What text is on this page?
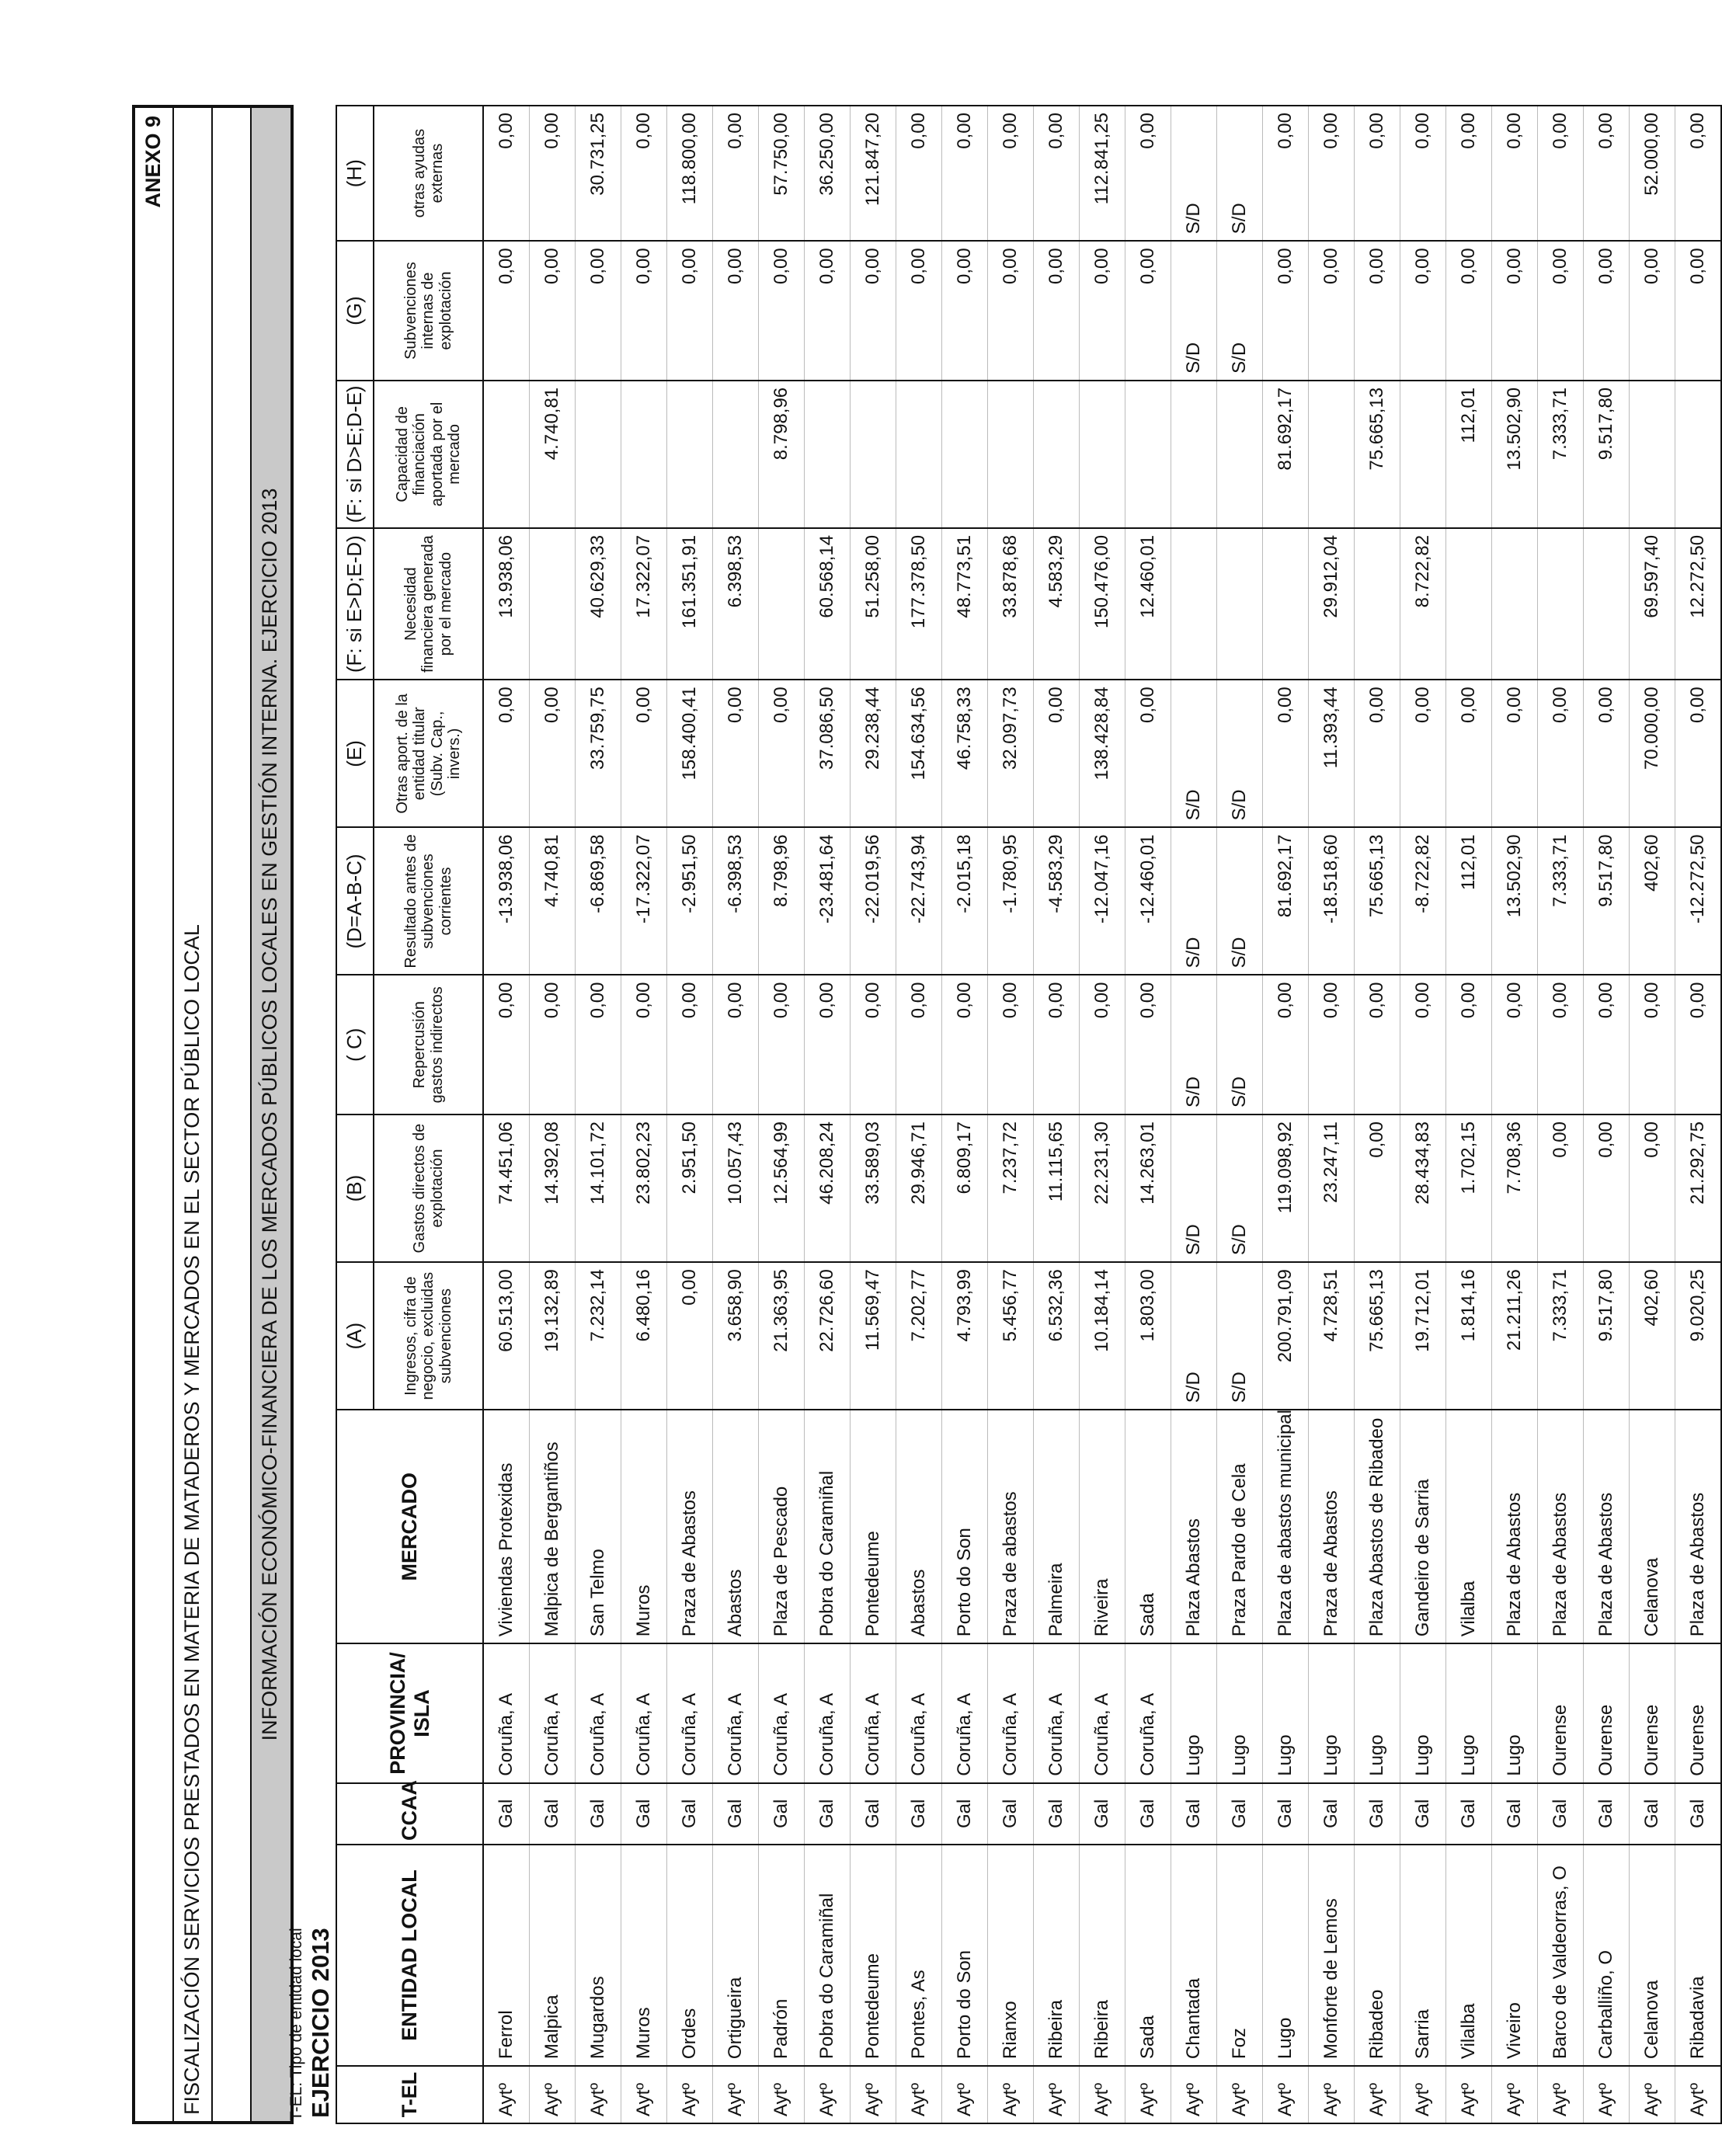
ANEXO 9
FISCALIZACIÓN SERVICIOS PRESTADOS EN MATERIA DE MATADEROS Y MERCADOS EN EL SECTOR PÚBLICO LOCAL	INFORMACIÓN ECONÓMICO-FINANCIERA DE LOS MERCADOS PÚBLICOS LOCALES EN GESTIÓN INTERNA. EJERCICIO 2013
T-EL: Tipo de entidad local EJERCICIO 2013	T-EL	ENTIDAD LOCAL	CCAA	PROVINCIA/ ISLA	MERCADO	(A)	(B)	( C)	(D=A-B-C)	(E)	(F: si E>D;E-D)	(F: si D>E;D-E)	(G)	(H)
					Ingresos, cifra de negocio, excluidas subvenciones	Gastos directos de explotación	Repercusión gastos indirectos	Resultado antes de subvenciones corrientes	Otras aport. de la entidad titular (Subv. Cap., invers.)	Necesidad financiera generada por el mercado	Capacidad de financiación aportada por el mercado	Subvenciones internas de explotación	otras ayudas externas
Aytº	Ferrol	Gal	Coruña, A	Viviendas Protexidas	60.513,00	74.451,06	0,00	-13.938,06	0,00	13.938,06		0,00	0,00
Aytº	Malpica	Gal	Coruña, A	Malpica de Bergantiños	19.132,89	14.392,08	0,00	4.740,81	0,00		4.740,81	0,00	0,00
Aytº	Mugardos	Gal	Coruña, A	San Telmo	7.232,14	14.101,72	0,00	-6.869,58	33.759,75	40.629,33		0,00	30.731,25
Aytº	Muros	Gal	Coruña, A	Muros	6.480,16	23.802,23	0,00	-17.322,07	0,00	17.322,07		0,00	0,00
Aytº	Ordes	Gal	Coruña, A	Praza de Abastos	0,00	2.951,50	0,00	-2.951,50	158.400,41	161.351,91		0,00	118.800,00
Aytº	Ortigueira	Gal	Coruña, A	Abastos	3.658,90	10.057,43	0,00	-6.398,53	0,00	6.398,53		0,00	0,00
Aytº	Padrón	Gal	Coruña, A	Plaza de Pescado	21.363,95	12.564,99	0,00	8.798,96	0,00		8.798,96	0,00	57.750,00
Aytº	Pobra do Caramiñal	Gal	Coruña, A	Pobra do Caramiñal	22.726,60	46.208,24	0,00	-23.481,64	37.086,50	60.568,14		0,00	36.250,00
Aytº	Pontedeume	Gal	Coruña, A	Pontedeume	11.569,47	33.589,03	0,00	-22.019,56	29.238,44	51.258,00		0,00	121.847,20
Aytº	Pontes, As	Gal	Coruña, A	Abastos	7.202,77	29.946,71	0,00	-22.743,94	154.634,56	177.378,50		0,00	0,00
Aytº	Porto do Son	Gal	Coruña, A	Porto do Son	4.793,99	6.809,17	0,00	-2.015,18	46.758,33	48.773,51		0,00	0,00
Aytº	Rianxo	Gal	Coruña, A	Praza de abastos	5.456,77	7.237,72	0,00	-1.780,95	32.097,73	33.878,68		0,00	0,00
Aytº	Ribeira	Gal	Coruña, A	Palmeira	6.532,36	11.115,65	0,00	-4.583,29	0,00	4.583,29		0,00	0,00
Aytº	Ribeira	Gal	Coruña, A	Riveira	10.184,14	22.231,30	0,00	-12.047,16	138.428,84	150.476,00		0,00	112.841,25
Aytº	Sada	Gal	Coruña, A	Sada	1.803,00	14.263,01	0,00	-12.460,01	0,00	12.460,01		0,00	0,00
Aytº	Chantada	Gal	Lugo	Plaza Abastos	S/D	S/D	S/D	S/D	S/D			S/D	S/D
Aytº	Foz	Gal	Lugo	Praza Pardo de Cela	S/D	S/D	S/D	S/D	S/D			S/D	S/D
Aytº	Lugo	Gal	Lugo	Plaza de abastos municipal	200.791,09	119.098,92	0,00	81.692,17	0,00		81.692,17	0,00	0,00
Aytº	Monforte de Lemos	Gal	Lugo	Praza de Abastos	4.728,51	23.247,11	0,00	-18.518,60	11.393,44	29.912,04		0,00	0,00
Aytº	Ribadeo	Gal	Lugo	Plaza Abastos de Ribadeo	75.665,13	0,00	0,00	75.665,13	0,00		75.665,13	0,00	0,00
Aytº	Sarria	Gal	Lugo	Gandeiro de Sarria	19.712,01	28.434,83	0,00	-8.722,82	0,00	8.722,82		0,00	0,00
Aytº	Vilalba	Gal	Lugo	Vilalba	1.814,16	1.702,15	0,00	112,01	0,00		112,01	0,00	0,00
Aytº	Viveiro	Gal	Lugo	Plaza de Abastos	21.211,26	7.708,36	0,00	13.502,90	0,00		13.502,90	0,00	0,00
Aytº	Barco de Valdeorras, O	Gal	Ourense	Plaza de Abastos	7.333,71	0,00	0,00	7.333,71	0,00		7.333,71	0,00	0,00
Aytº	Carballiño, O	Gal	Ourense	Plaza de Abastos	9.517,80	0,00	0,00	9.517,80	0,00		9.517,80	0,00	0,00
Aytº	Celanova	Gal	Ourense	Celanova	402,60	0,00	0,00	402,60	70.000,00	69.597,40		0,00	52.000,00
Aytº	Ribadavia	Gal	Ourense	Plaza de Abastos	9.020,25	21.292,75	0,00	-12.272,50	0,00	12.272,50		0,00	0,00
